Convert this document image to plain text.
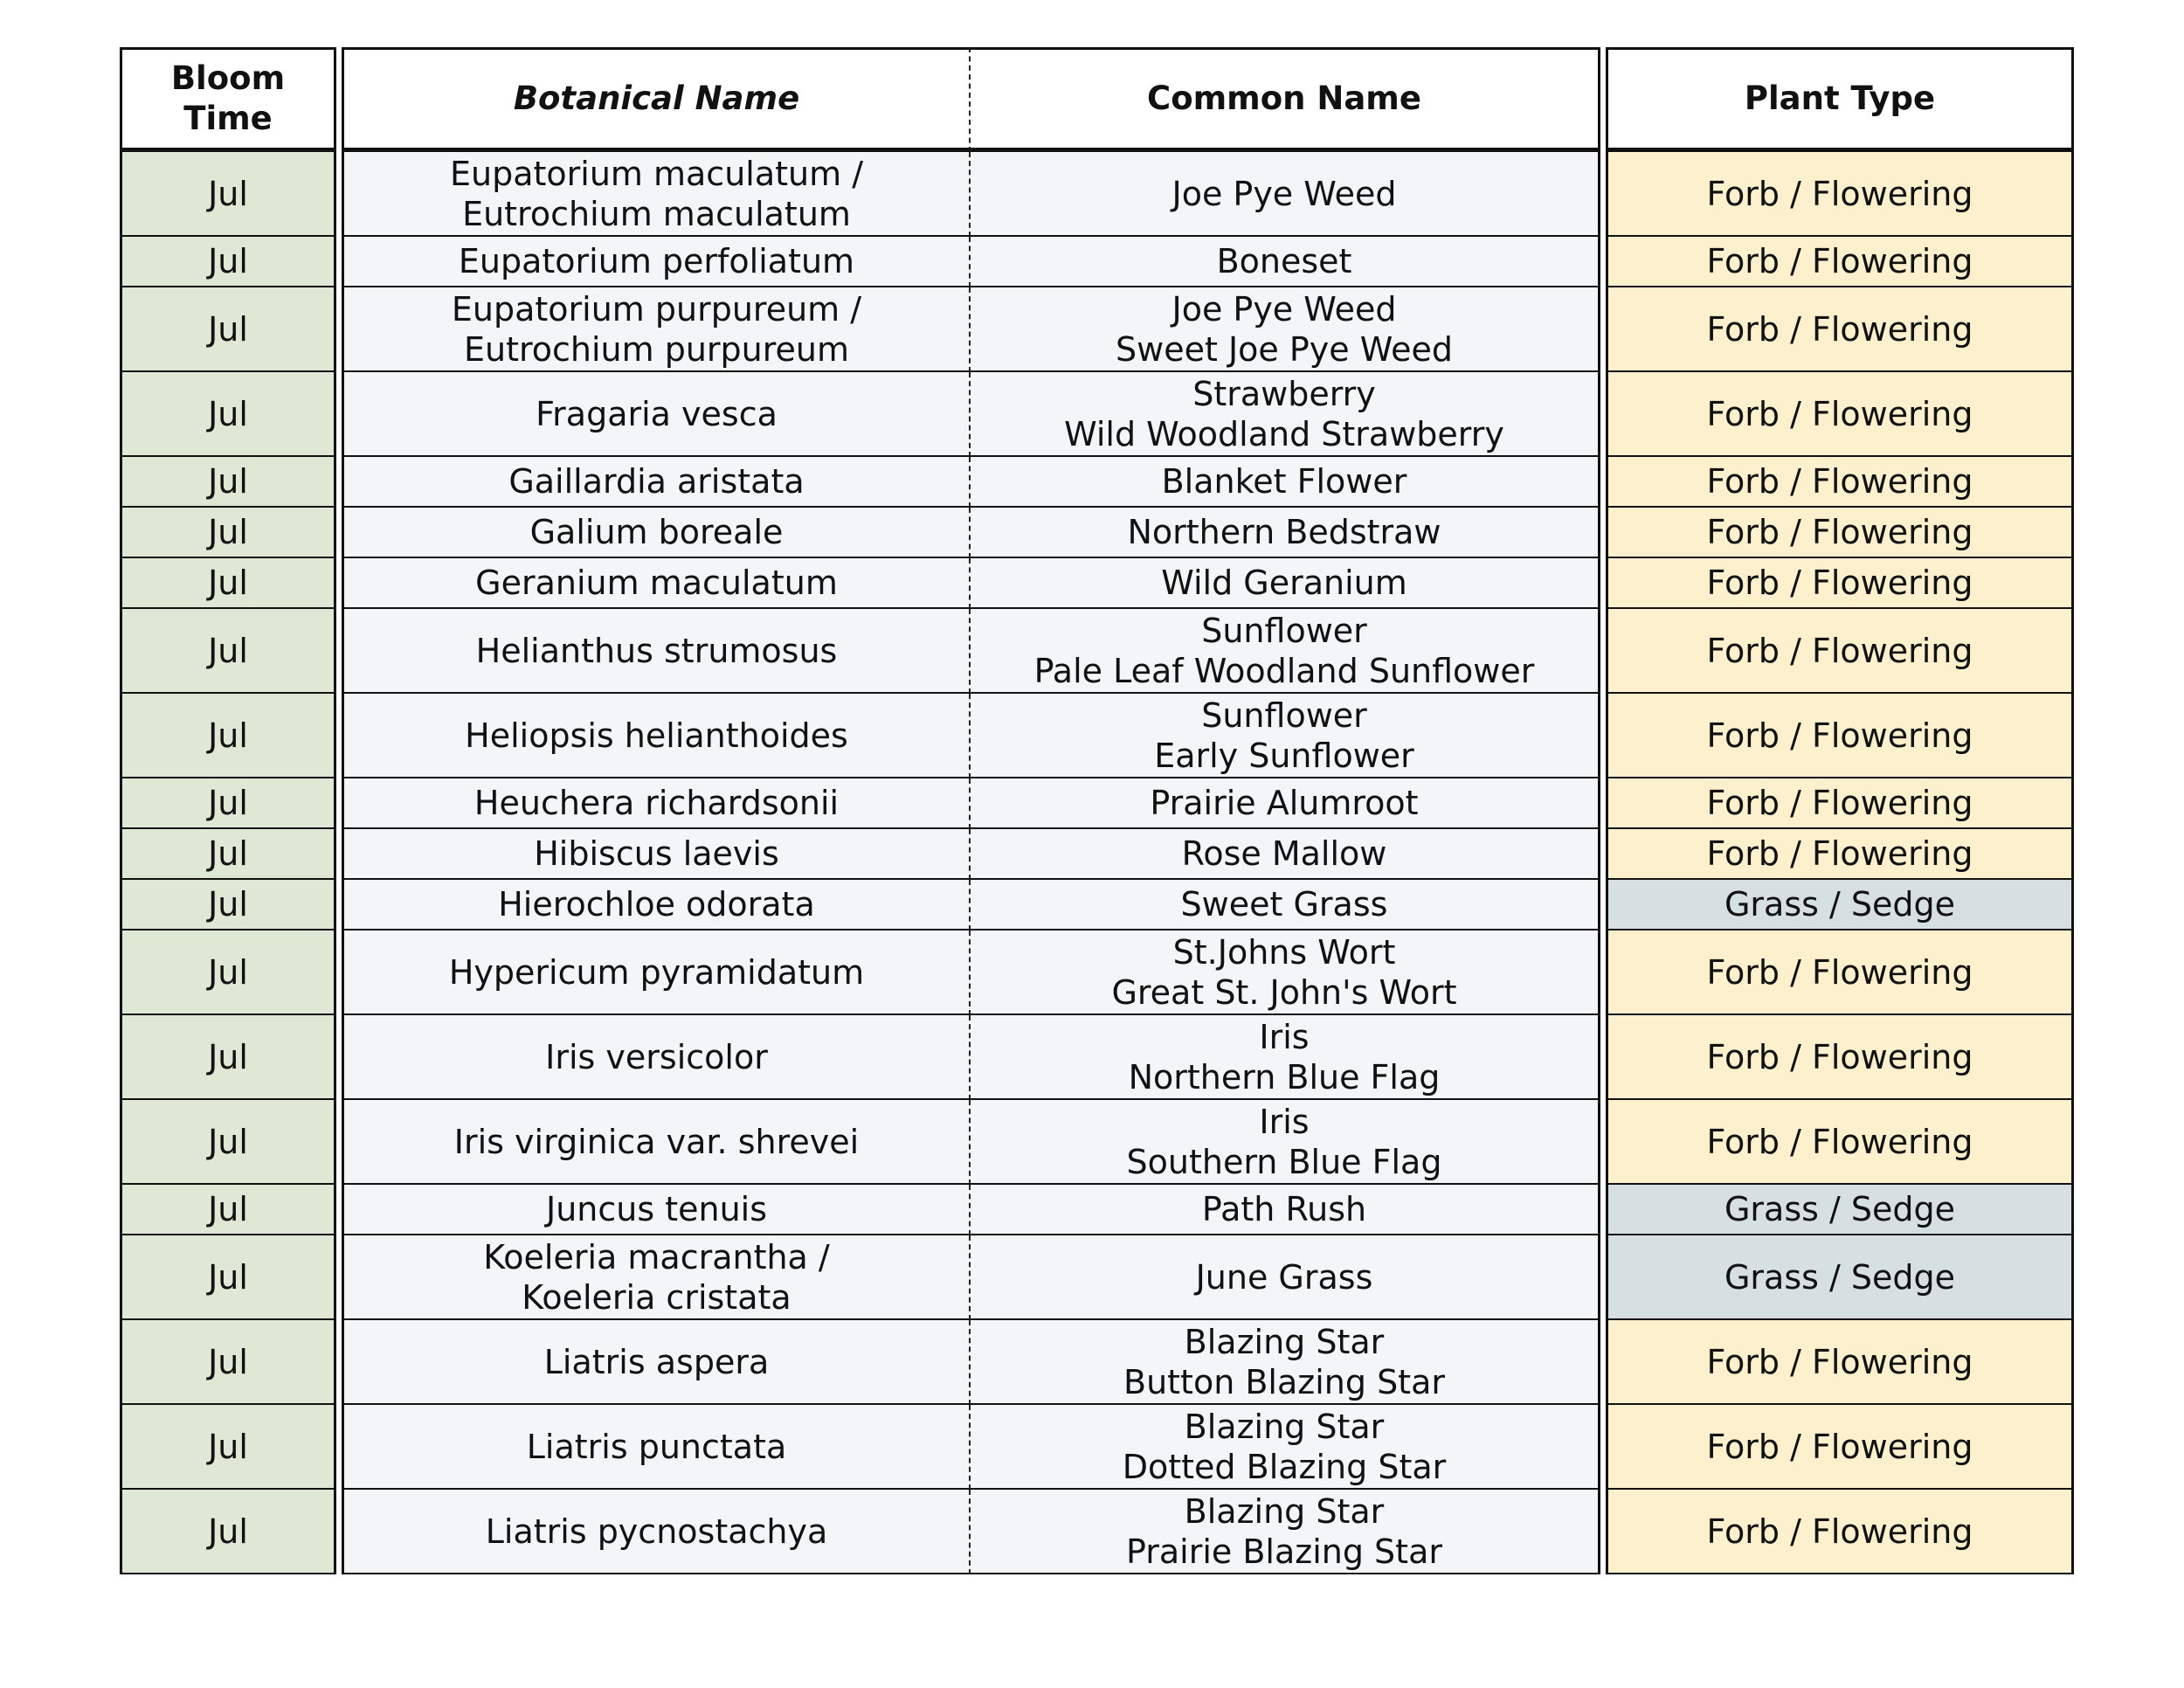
Bloom Time		Botanical Name	Common Name		Plant Type
Jul		Eupatorium maculatum /
Eutrochium maculatum	Joe Pye Weed		Forb / Flowering
Jul		Eupatorium perfoliatum	Boneset		Forb / Flowering
Jul		Eupatorium purpureum /
Eutrochium purpureum	Joe Pye Weed
Sweet Joe Pye Weed		Forb / Flowering
Jul		Fragaria vesca	Strawberry
Wild Woodland Strawberry		Forb / Flowering
Jul		Gaillardia aristata	Blanket Flower		Forb / Flowering
Jul		Galium boreale	Northern Bedstraw		Forb / Flowering
Jul		Geranium maculatum	Wild Geranium		Forb / Flowering
Jul		Helianthus strumosus	Sunflower
Pale Leaf Woodland Sunflower		Forb / Flowering
Jul		Heliopsis helianthoides	Sunflower
Early Sunflower		Forb / Flowering
Jul		Heuchera richardsonii	Prairie Alumroot		Forb / Flowering
Jul		Hibiscus laevis	Rose Mallow		Forb / Flowering
Jul		Hierochloe odorata	Sweet Grass		Grass / Sedge
Jul		Hypericum pyramidatum	St.Johns Wort
Great St. John's Wort		Forb / Flowering
Jul		Iris versicolor	Iris
Northern Blue Flag		Forb / Flowering
Jul		Iris virginica var. shrevei	Iris
Southern Blue Flag		Forb / Flowering
Jul		Juncus tenuis	Path Rush		Grass / Sedge
Jul		Koeleria macrantha /
Koeleria cristata	June Grass		Grass / Sedge
Jul		Liatris aspera	Blazing Star
Button Blazing Star		Forb / Flowering
Jul		Liatris punctata	Blazing Star
Dotted Blazing Star		Forb / Flowering
Jul		Liatris pycnostachya	Blazing Star
Prairie Blazing Star		Forb / Flowering
